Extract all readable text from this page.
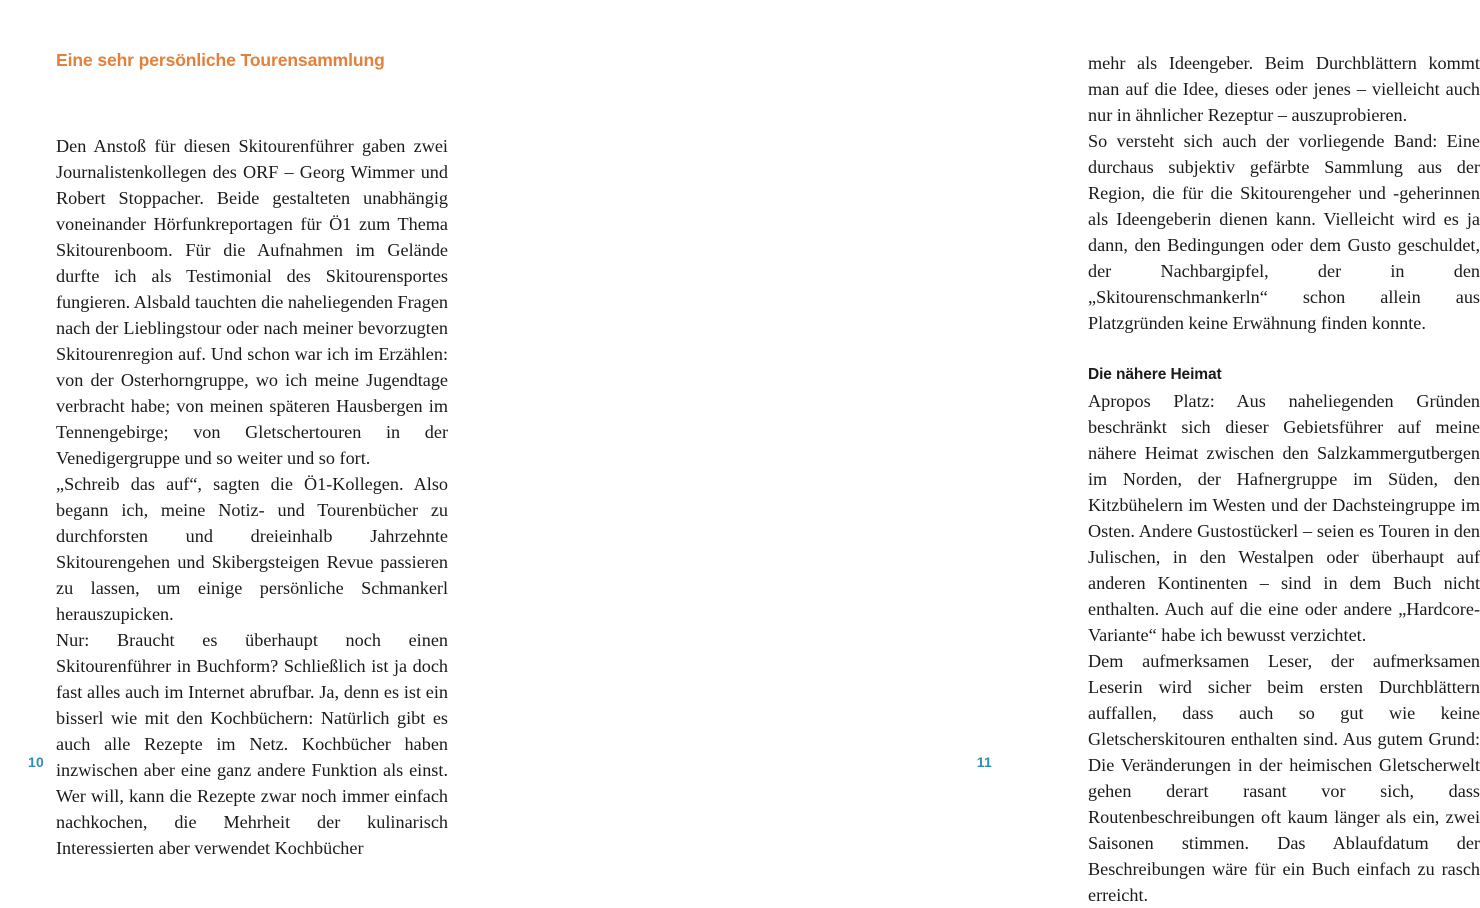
Eine sehr persönliche Tourensammlung

Den Anstoß für diesen Skitourenführer gaben zwei Journalistenkollegen des ORF – Georg Wimmer und Robert Stoppacher. Beide gestalteten unabhängig voneinander Hörfunkreportagen für Ö1 zum Thema Skitourenboom. Für die Aufnahmen im Gelände durfte ich als Testimonial des Skitourensportes fungieren. Alsbald tauchten die naheliegenden Fragen nach der Lieblingstour oder nach meiner bevorzugten Skitourenregion auf. Und schon war ich im Erzählen: von der Osterhorngruppe, wo ich meine Jugendtage verbracht habe; von meinen späteren Hausbergen im Tennengebirge; von Gletschertouren in der Venedigergruppe und so weiter und so fort.

„Schreib das auf“, sagten die Ö1-Kollegen. Also begann ich, meine Notiz- und Tourenbücher zu durchforsten und dreieinhalb Jahrzehnte Skitourengehen und Skibergsteigen Revue passieren zu lassen, um einige persönliche Schmankerl herauszupicken.

Nur: Braucht es überhaupt noch einen Skitourenführer in Buchform? Schließlich ist ja doch fast alles auch im Internet abrufbar. Ja, denn es ist ein bisserl wie mit den Kochbüchern: Natürlich gibt es auch alle Rezepte im Netz. Kochbücher haben inzwischen aber eine ganz andere Funktion als einst. Wer will, kann die Rezepte zwar noch immer einfach nachkochen, die Mehrheit der kulinarisch Interessierten aber verwendet Kochbücher

10

mehr als Ideengeber. Beim Durchblättern kommt man auf die Idee, dieses oder jenes – vielleicht auch nur in ähnlicher Rezeptur – auszuprobieren.

So versteht sich auch der vorliegende Band: Eine durchaus subjektiv gefärbte Sammlung aus der Region, die für die Skitourengeher und -geherinnen als Ideengeberin dienen kann. Vielleicht wird es ja dann, den Bedingungen oder dem Gusto geschuldet, der Nachbargipfel, der in den „Skitourenschmankerln“ schon allein aus Platzgründen keine Erwähnung finden konnte.

Die nähere Heimat

Apropos Platz: Aus naheliegenden Gründen beschränkt sich dieser Gebietsführer auf meine nähere Heimat zwischen den Salzkammergutbergen im Norden, der Hafnergruppe im Süden, den Kitzbühelern im Westen und der Dachsteingruppe im Osten. Andere Gustostückerl – seien es Touren in den Julischen, in den Westalpen oder überhaupt auf anderen Kontinenten – sind in dem Buch nicht enthalten. Auch auf die eine oder andere „Hardcore-Variante“ habe ich bewusst verzichtet.

Dem aufmerksamen Leser, der aufmerksamen Leserin wird sicher beim ersten Durchblättern auffallen, dass auch so gut wie keine Gletscherskitouren enthalten sind. Aus gutem Grund: Die Veränderungen in der heimischen Gletscherwelt gehen derart rasant vor sich, dass Routenbeschreibungen oft kaum länger als ein, zwei Saisonen stimmen. Das Ablaufdatum der Beschreibungen wäre für ein Buch einfach zu rasch erreicht.

11
